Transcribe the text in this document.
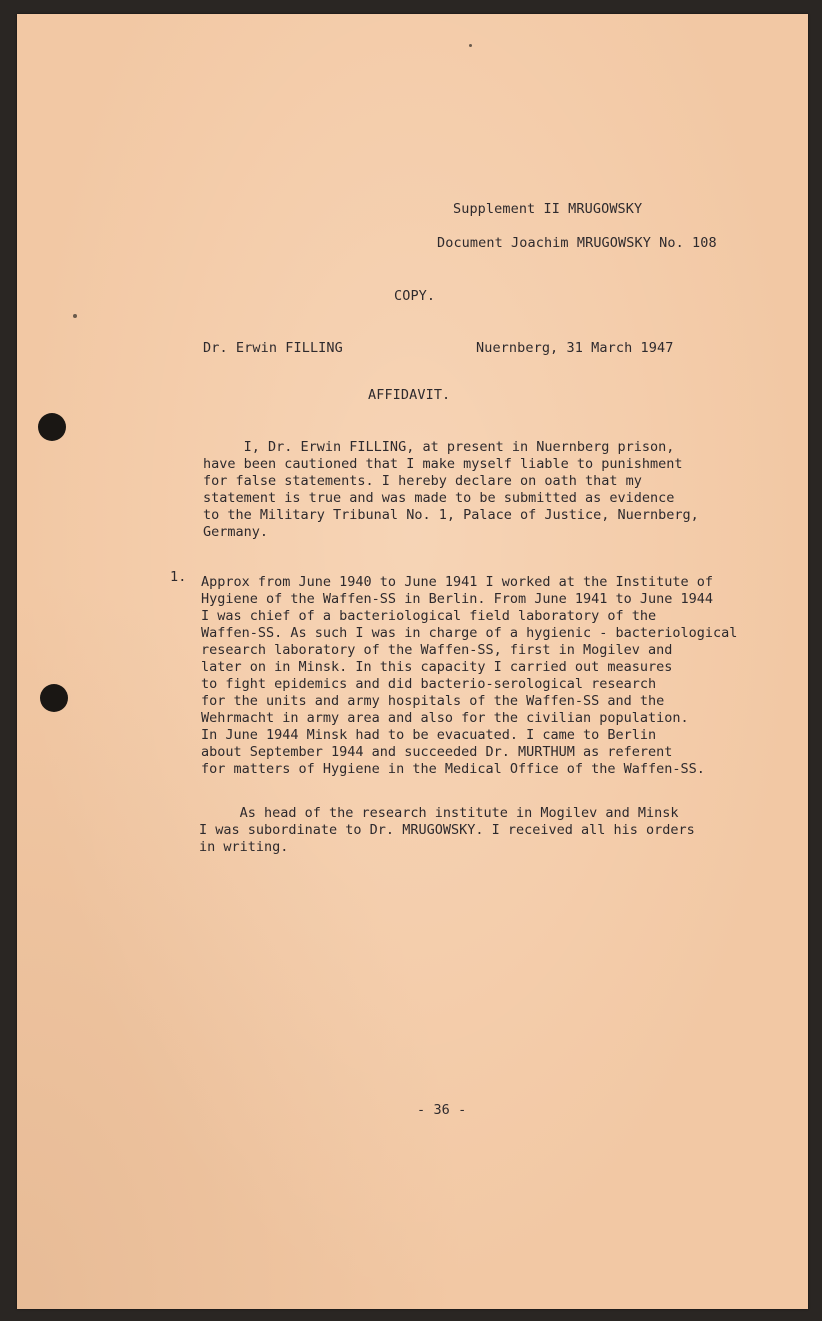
Supplement II MRUGOWSKY
Document Joachim MRUGOWSKY No. 108
COPY.
Dr. Erwin FILLING	Nuernberg, 31 March 1947
AFFIDAVIT.
I, Dr. Erwin FILLING, at present in Nuernberg prison,
have been cautioned that I make myself liable to punishment
for false statements. I hereby declare on oath that my
statement is true and was made to be submitted as evidence
to the Military Tribunal No. 1, Palace of Justice, Nuernberg,
Germany.
1. Approx from June 1940 to June 1941 I worked at the Institute of
Hygiene of the Waffen-SS in Berlin. From June 1941 to June 1944
I was chief of a bacteriological field laboratory of the
Waffen-SS. As such I was in charge of a hygienic - bacteriological
research laboratory of the Waffen-SS, first in Mogilev and
later on in Minsk. In this capacity I carried out measures
to fight epidemics and did bacterio-serological research
for the units and army hospitals of the Waffen-SS and the
Wehrmacht in army area and also for the civilian population.
In June 1944 Minsk had to be evacuated. I came to Berlin
about September 1944 and succeeded Dr. MURTHUM as referent
for matters of Hygiene in the Medical Office of the Waffen-SS.
As head of the research institute in Mogilev and Minsk
I was subordinate to Dr. MRUGOWSKY. I received all his orders
in writing.
- 36 -
